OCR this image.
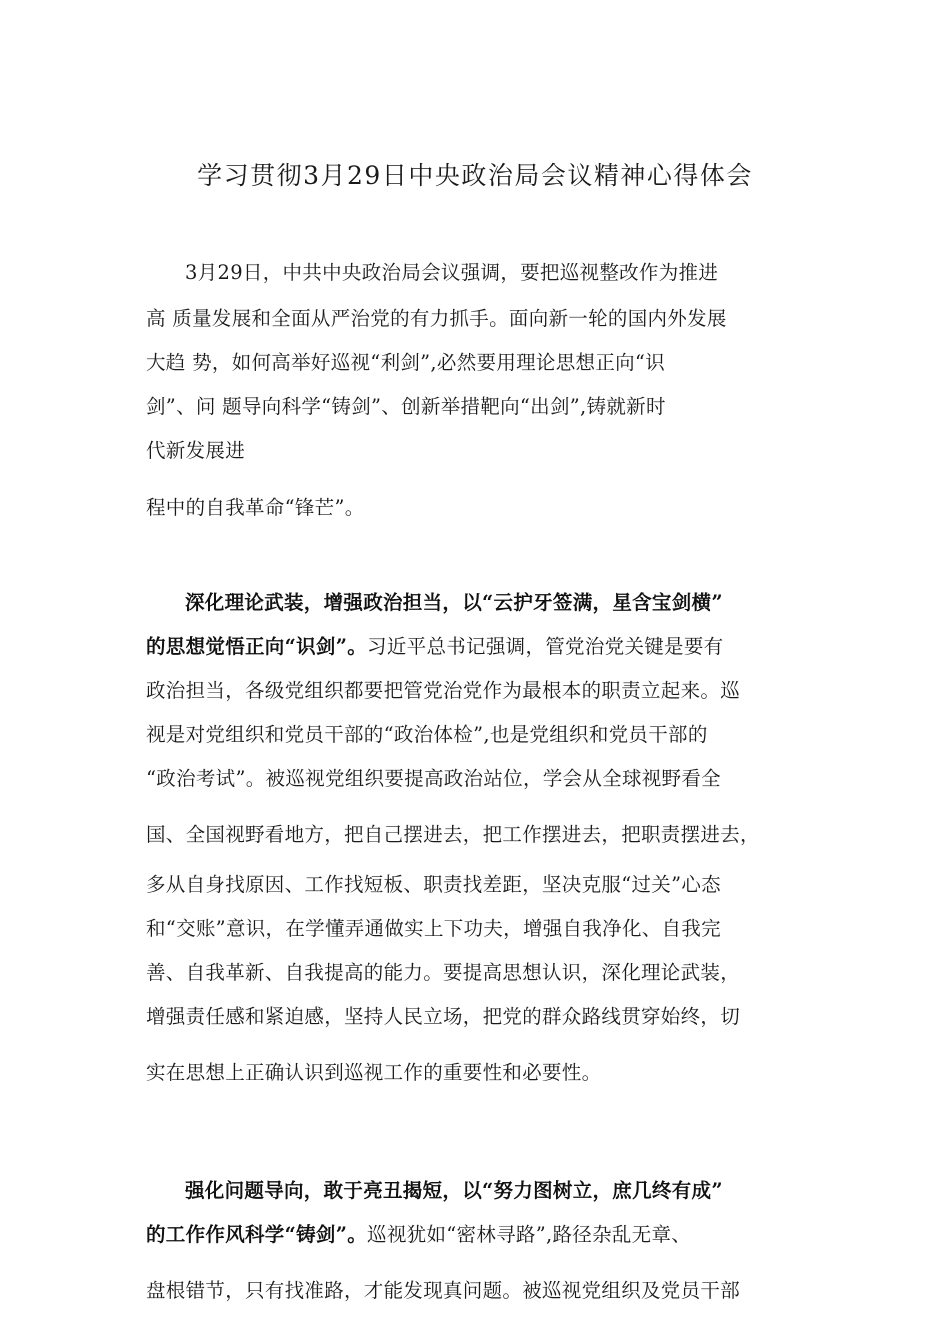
学习贯彻3月29日中央政治局会议精神心得体会

3月29日，中共中央政治局会议强调，要把巡视整改作为推进

高 质量发展和全面从严治党的有力抓手。面向新一轮的国内外发展

大趋 势，如何高举好巡视“利剑”,必然要用理论思想正向“识

剑”、问 题导向科学“铸剑”、创新举措靶向“出剑”,铸就新时

代新发展进

程中的自我革命“锋芒”。

深化理论武装，增强政治担当，以“云护牙签满，星含宝剑横”

的思想觉悟正向“识剑”。习近平总书记强调，管党治党关键是要有

政治担当，各级党组织都要把管党治党作为最根本的职责立起来。巡

视是对党组织和党员干部的“政治体检”,也是党组织和党员干部的

“政治考试”。被巡视党组织要提高政治站位，学会从全球视野看全

国、全国视野看地方，把自己摆进去，把工作摆进去，把职责摆进去，

多从自身找原因、工作找短板、职责找差距，坚决克服“过关”心态

和“交账”意识，在学懂弄通做实上下功夫，增强自我净化、自我完

善、自我革新、自我提高的能力。要提高思想认识，深化理论武装，

增强责任感和紧迫感，坚持人民立场，把党的群众路线贯穿始终，切

实在思想上正确认识到巡视工作的重要性和必要性。

强化问题导向，敢于亮丑揭短，以“努力图树立，庶几终有成”

的工作作风科学“铸剑”。巡视犹如“密林寻路”,路径杂乱无章、

盘根错节，只有找准路，才能发现真问题。被巡视党组织及党员干部
